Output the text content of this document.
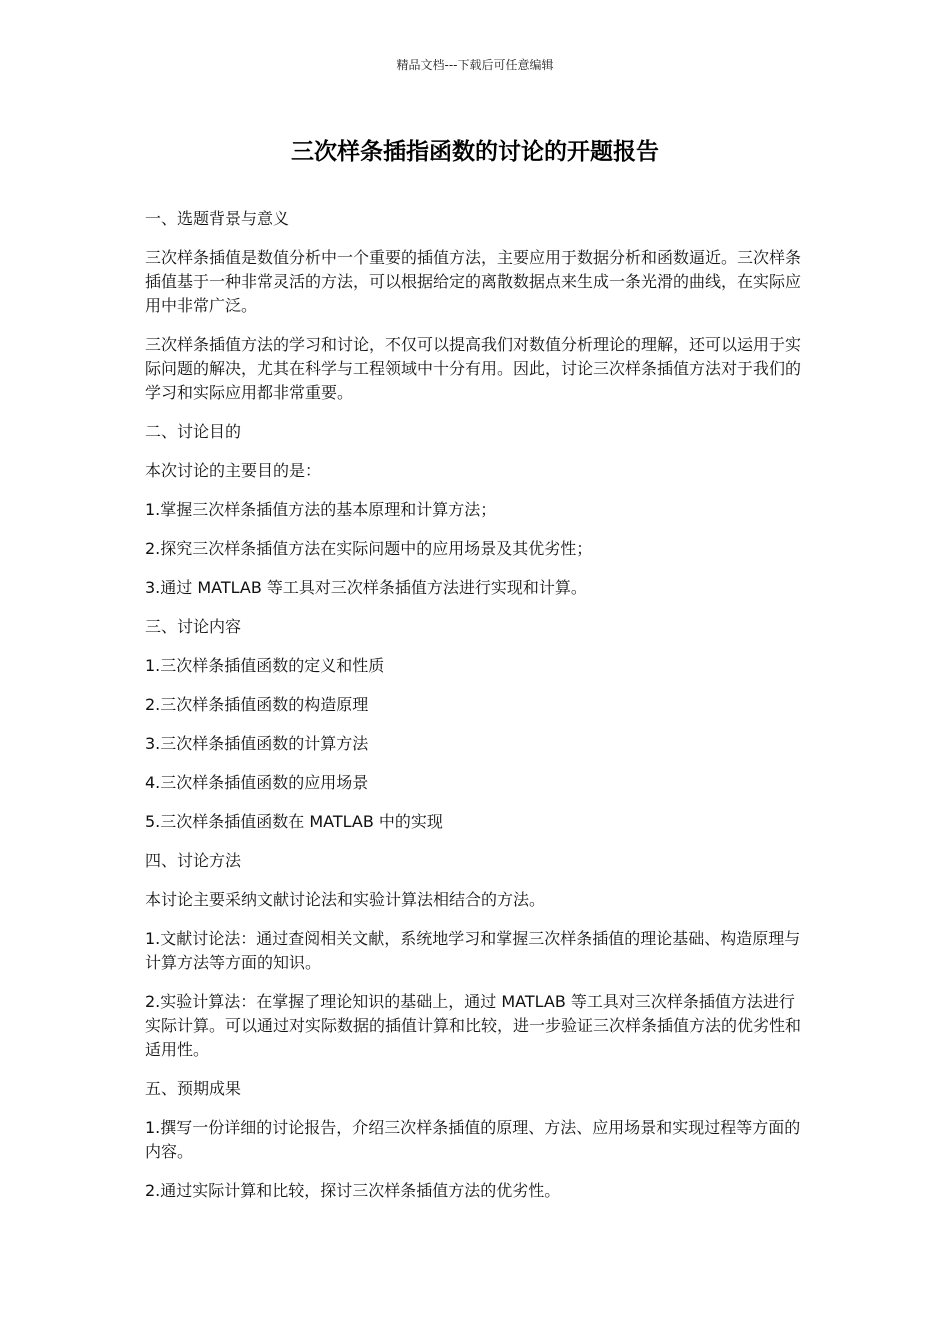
精品文档---下载后可任意编辑
三次样条插指函数的讨论的开题报告

一、选题背景与意义

三次样条插值是数值分析中一个重要的插值方法，主要应用于数据分析和函数逼近。三次样条插值基于一种非常灵活的方法，可以根据给定的离散数据点来生成一条光滑的曲线，在实际应用中非常广泛。

三次样条插值方法的学习和讨论，不仅可以提高我们对数值分析理论的理解，还可以运用于实际问题的解决，尤其在科学与工程领域中十分有用。因此，讨论三次样条插值方法对于我们的学习和实际应用都非常重要。

二、讨论目的

本次讨论的主要目的是：

1.掌握三次样条插值方法的基本原理和计算方法；

2.探究三次样条插值方法在实际问题中的应用场景及其优劣性；

3.通过 MATLAB 等工具对三次样条插值方法进行实现和计算。

三、讨论内容

1.三次样条插值函数的定义和性质

2.三次样条插值函数的构造原理

3.三次样条插值函数的计算方法

4.三次样条插值函数的应用场景

5.三次样条插值函数在 MATLAB 中的实现

四、讨论方法

本讨论主要采纳文献讨论法和实验计算法相结合的方法。

1.文献讨论法：通过查阅相关文献，系统地学习和掌握三次样条插值的理论基础、构造原理与计算方法等方面的知识。

2.实验计算法：在掌握了理论知识的基础上，通过 MATLAB 等工具对三次样条插值方法进行实际计算。可以通过对实际数据的插值计算和比较，进一步验证三次样条插值方法的优劣性和适用性。

五、预期成果

1.撰写一份详细的讨论报告，介绍三次样条插值的原理、方法、应用场景和实现过程等方面的内容。

2.通过实际计算和比较，探讨三次样条插值方法的优劣性。
